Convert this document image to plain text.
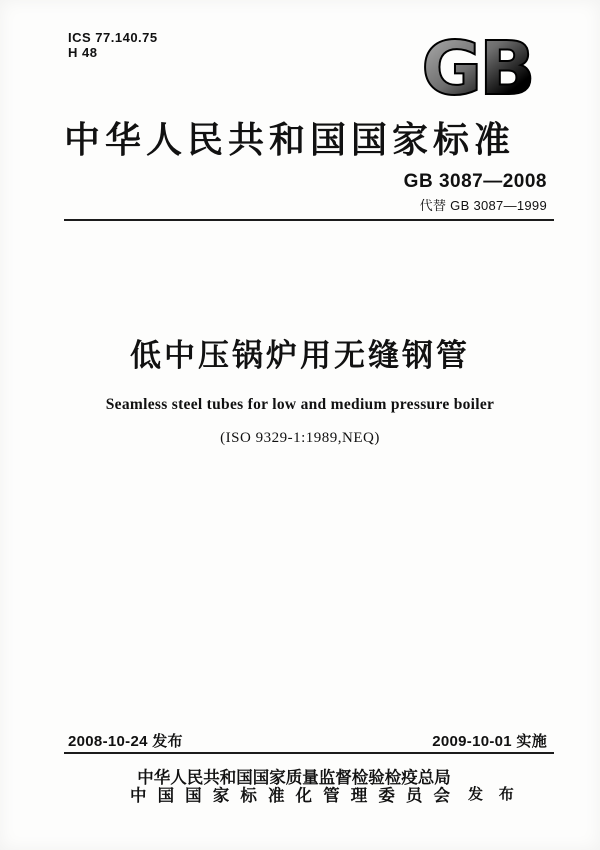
ICS 77.140.75
H 48	GB
中华人民共和国国家标准
GB 3087—2008
代替 GB 3087—1999
低中压锅炉用无缝钢管
Seamless steel tubes for low and medium pressure boiler
(ISO 9329-1:1989,NEQ)
2008-10-24 发布	2009-10-01 实施
中华人民共和国国家质量监督检验检疫总局
中国国家标准化管理委员会 发 布
